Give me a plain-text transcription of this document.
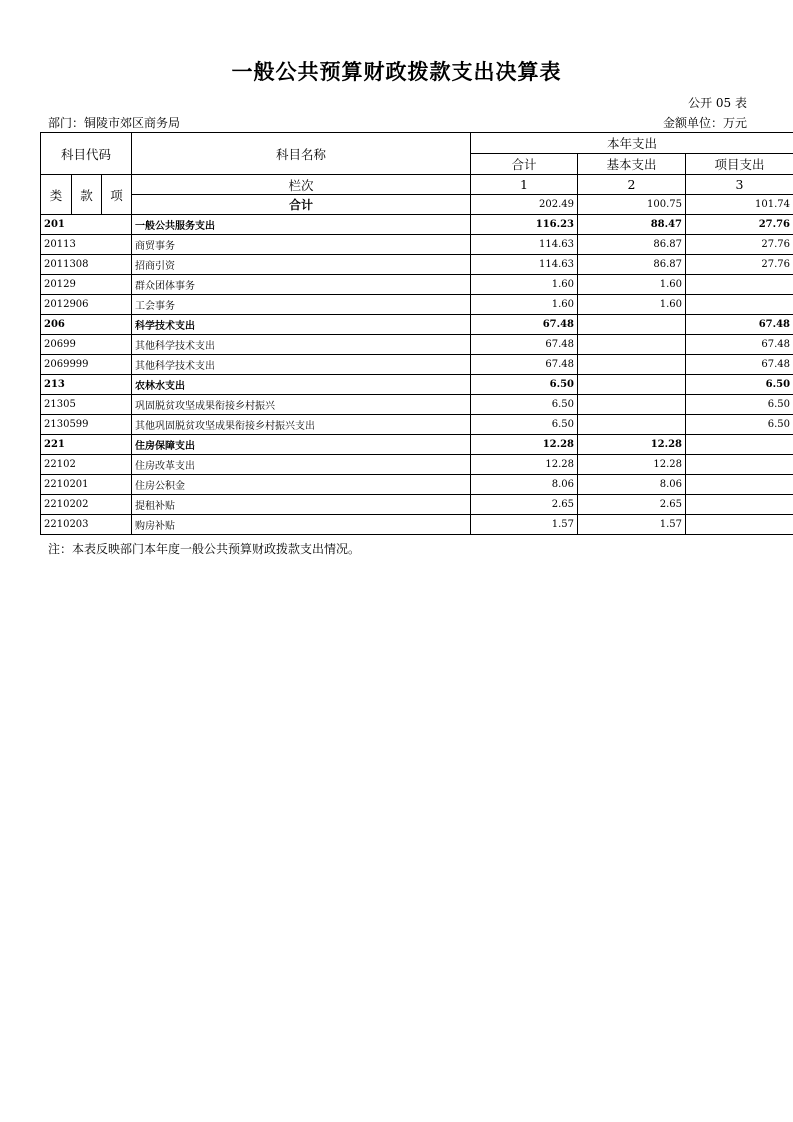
一般公共预算财政拨款支出决算表
公开 05 表
部门：铜陵市郊区商务局	金额单位：万元
科目代码			科目名称	本年支出		
				合计	基本支出	项目支出
类	款	项	栏次	1	2	3
			合计	202.49	100.75	101.74
201			一般公共服务支出	116.23	88.47	27.76
20113			商贸事务	114.63	86.87	27.76
2011308			招商引资	114.63	86.87	27.76
20129			群众团体事务	1.60	1.60	
2012906			工会事务	1.60	1.60	
206			科学技术支出	67.48		67.48
20699			其他科学技术支出	67.48		67.48
2069999			其他科学技术支出	67.48		67.48
213			农林水支出	6.50		6.50
21305			巩固脱贫攻坚成果衔接乡村振兴	6.50		6.50
2130599			其他巩固脱贫攻坚成果衔接乡村振兴支出	6.50		6.50
221			住房保障支出	12.28	12.28	
22102			住房改革支出	12.28	12.28	
2210201			住房公积金	8.06	8.06	
2210202			提租补贴	2.65	2.65	
2210203			购房补贴	1.57	1.57	
注：本表反映部门本年度一般公共预算财政拨款支出情况。
